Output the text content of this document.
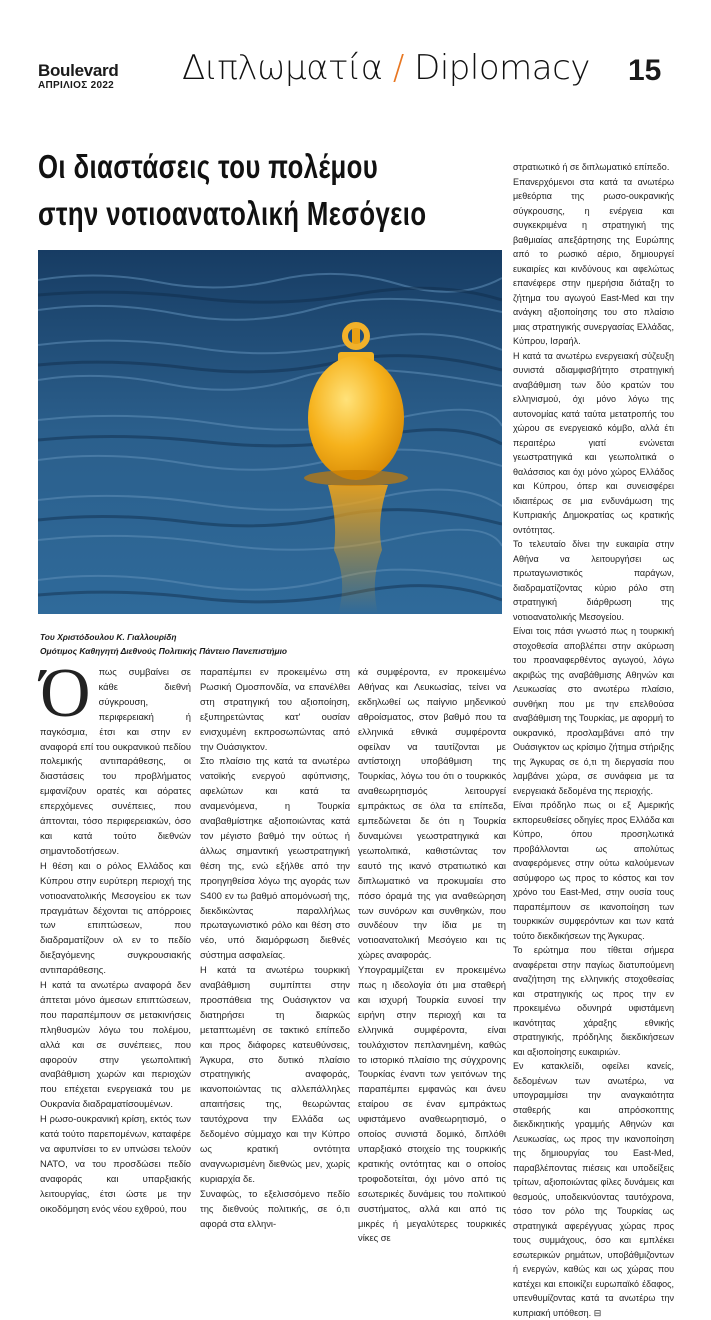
Boulevard
ΑΠΡΙΛΙΟΣ 2022 Διπλωματία / Diplomacy 15
Οι διαστάσεις του πολέμου
στην νοτιοανατολική Μεσόγειο
Του Χριστόδουλου Κ. Γιαλλουρίδη
Ομότιμος Καθηγητή Διεθνούς Πολιτικής Πάντειο Πανεπιστήμιο
Όπως συμβαίνει σε κάθε διεθνή σύγκρουση, περιφερειακή ή παγκόσμια, έτσι και στην εν αναφορά επί του ουκρανικού πεδίου πολεμικής αντιπαράθεσης, οι διαστάσεις του προβλήματος εμφανίζουν ορατές και αόρατες επερχόμενες συνέπειες, που άπτονται, τόσο περιφερειακών, όσο και κατά τούτο διεθνών σημαντοδοτήσεων.
Η θέση και ο ρόλος Ελλάδος και Κύπρου στην ευρύτερη περιοχή της νοτιοανατολικής Μεσογείου εκ των πραγμάτων δέχονται τις απόρροιες των επιπτώσεων, που διαδραματίζουν ολ εν το πεδίο διεξαγόμενης συγκρουσιακής αντιπαράθεσης.
Η κατά τα ανωτέρω αναφορά δεν άπτεται μόνο άμεσων επιπτώσεων, που παραπέμπουν σε μετακινήσεις πληθυσμών λόγω του πολέμου, αλλά και σε συνέπειες, που αφορούν στην γεωπολιτική αναβάθμιση χωρών και περιοχών που επέχεται ενεργειακά του με Ουκρανία διαδραματίσουμένων.
Η ρωσο-ουκρανική κρίση, εκτός των κατά τούτο παρεπομένων, καταφέρε να αφυπνίσει το εν υπνώσει τελούν ΝΑΤΟ, να του προσδώσει πεδίο αναφοράς και υπαρξιακής λειτουργίας, έτσι ώστε με την οικοδόμηση ενός νέου εχθρού, που
παραπέμπει εν προκειμένω στη Ρωσική Ομοσπονδία, να επανέλθει στη στρατηγική του αξιοποίηση, εξυπηρετώντας κατ' ουσίαν ενισχυμένη εκπροσωπώντας από την Ουάσιγκτον.
Στο πλαίσιο της κατά τα ανωτέρω νατοϊκής ενεργού αφύπνισης, αφελώτων και κατά τα αναμενόμενα, η Τουρκία αναβαθμίστηκε αξιοποιώντας κατά τον μέγιστο βαθμό την ούτως ή άλλως σημαντική γεωστρατηγική θέση της, ενώ εξήλθε από την προηγηθείσα λόγω της αγοράς των S400 εν τω βαθμό απομόνωσή της, διεκδικώντας παραλλήλως πρωταγωνιστικό ρόλο και θέση στο νέο, υπό διαμόρφωση διεθνές σύστημα ασφαλείας.
Η κατά τα ανωτέρω τουρκική αναβάθμιση συμπίπτει στην προσπάθεια της Ουάσιγκτον να διατηρήσει τη διαρκώς μεταπτωμένη σε τακτικό επίπεδο και προς διάφορες κατευθύνσεις, Άγκυρα, στο δυτικό πλαίσιο στρατηγικής αναφοράς, ικανοποιώντας τις αλλεπάλληλες απαιτήσεις της, θεωρώντας ταυτόχρονα την Ελλάδα ως δεδομένο σύμμαχο και την Κύπρο ως κρατική οντότητα αναγνωρισμένη διεθνώς μεν, χωρίς κυριαρχία δε.
Συναφώς, το εξελισσόμενο πεδίο της διεθνούς πολιτικής, σε ό,τι αφορά στα ελληνι-
κά συμφέροντα, εν προκειμένω Αθήνας και Λευκωσίας, τείνει να εκδηλωθεί ως παίγνιο μηδενικού αθροίσματος, στον βαθμό που τα ελληνικά εθνικά συμφέροντα οφείλαν να ταυτίζονται με αντίστοιχη υποβάθμιση της Τουρκίας, λόγω του ότι ο τουρκικός αναθεωρητισμός λειτουργεί εμπράκτως σε όλα τα επίπεδα, εμπεδώνεται δε ότι η Τουρκία δυναμώνει γεωστρατηγικά και γεωπολιτικά, καθιστώντας τον εαυτό της ικανό στρατιωτικό και διπλωματικό να προκυμαίει στο πόσο όραμά της για αναθεώρηση των συνόρων και συνθηκών, που συνδέουν την ίδια με τη νοτιοανατολική Μεσόγειο και τις χώρες αναφοράς.
Υπογραμμίζεται εν προκειμένω πως η ιδεολογία ότι μια σταθερή και ισχυρή Τουρκία ευνοεί την ειρήνη στην περιοχή και τα ελληνικά συμφέροντα, είναι τουλάχιστον πεπλανημένη, καθώς το ιστορικό πλαίσιο της σύγχρονης Τουρκίας έναντι των γειτόνων της παραπέμπει εμφανώς και άνευ εταίρου σε έναν εμπράκτως υφιστάμενο αναθεωρητισμό, ο οποίος συνιστά δομικό, διπλόθι υπαρξιακό στοιχείο της τουρκικής κρατικής οντότητας και ο οποίος τροφοδοτείται, όχι μόνο από τις εσωτερικές δυνάμεις του πολιτικού συστήματος, αλλά και από τις μικρές ή μεγαλύτερες τουρκικές νίκες σε
στρατιωτικό ή σε διπλωματικό επίπεδο.
Επανερχόμενοι στα κατά τα ανωτέρω μεθεόρτια της ρωσο-ουκρανικής σύγκρουσης, η ενέργεια και συγκεκριμένα η στρατηγική της βαθμιαίας απεξάρτησης της Ευρώπης από το ρωσικό αέριο, δημιουργεί ευκαιρίες και κινδύνους και αφελώτως επανέφερε στην ημερήσια διάταξη το ζήτημα του αγωγού East-Med και την ανάγκη αξιοποίησης του στο πλαίσιο μιας στρατηγικής συνεργασίας Ελλάδας, Κύπρου, Ισραήλ.
Η κατά τα ανωτέρω ενεργειακή σύζευξη συνιστά αδιαμφισβήτητο στρατηγική αναβάθμιση των δύο κρατών του ελληνισμού, όχι μόνο λόγω της αυτονομίας κατά ταύτα μετατροπής του χώρου σε ενεργειακό κόμβο, αλλά έτι περαιτέρω γιατί ενώνεται γεωστρατηγικά και γεωπολιτικά ο θαλάσσιος και όχι μόνο χώρος Ελλάδος και Κύπρου, όπερ και συνεισφέρει ιδιαιτέρως σε μια ενδυνάμωση της Κυπριακής Δημοκρατίας ως κρατικής οντότητας.
Το τελευταίο δίνει την ευκαιρία στην Αθήνα να λειτουργήσει ως πρωταγωνιστικός παράγων, διαδραματίζοντας κύριο ρόλο στη στρατηγική διάρθρωση της νοτιοανατολικής Μεσογείου.
Είναι τοις πάσι γνωστό πως η τουρκική στοχοθεσία αποβλέπει στην ακύρωση του προαναφερθέντος αγωγού, λόγω ακριβώς της αναβάθμισης Αθηνών και Λευκωσίας στο ανωτέρω πλαίσιο, συνθήκη που με την επελθούσα αναβάθμιση της Τουρκίας, με αφορμή το ουκρανικό, προσλαμβάνει από την Ουάσιγκτον ως κρίσιμο ζήτημα στήριξης της Άγκυρας σε ό,τι τη διεργασία που λαμβάνει χώρα, σε συνάφεια με τα ενεργειακά δεδομένα της περιοχής.
Είναι πρόδηλο πως οι εξ Αμερικής εκπορευθείσες οδηγίες προς Ελλάδα και Κύπρο, όπου προσηλωτικά προβάλλονται ως απολύτως αναφερόμενες στην ούτω καλούμενων ασύμφορο ως προς το κόστος και τον χρόνο του East-Med, στην ουσία τους παραπέμπουν σε ικανοποίηση των τουρκικών συμφερόντων και των κατά τούτο διεκδικήσεων της Άγκυρας.
Το ερώτημα που τίθεται σήμερα αναφέρεται στην παγίως διατυπούμενη αναζήτηση της ελληνικής στοχοθεσίας και στρατηγικής ως προς την εν προκειμένω οδυνηρά υφιστάμενη ικανότητας χάραξης εθνικής στρατηγικής, πρόδηλης διεκδικήσεων και αξιοποίησης ευκαιριών.
Εν κατακλείδι, οφείλει κανείς, δεδομένων των ανωτέρω, να υπογραμμίσει την αναγκαιότητα σταθερής και απρόσκοπτης διεκδικητικής γραμμής Αθηνών και Λευκωσίας, ως προς την ικανοποίηση της δημιουργίας του East-Med, παραβλέποντας πιέσεις και υποδείξεις τρίτων, αξιοποιώντας φίλες δυνάμεις και θεσμούς, υποδεικνύοντας ταυτόχρονα, τόσο τον ρόλο της Τουρκίας ως στρατηγικά αφερέγγυας χώρας προς τους συμμάχους, όσο και εμπλέκει εσωτερικών ρημάτων, υποβάθμιζοντων ή ενεργών, καθώς και ως χώρας που κατέχει και εποικίζει ευρωπαϊκό έδαφος, υπενθυμίζοντας κατά τα ανωτέρω την κυπριακή υπόθεση. ⊟
